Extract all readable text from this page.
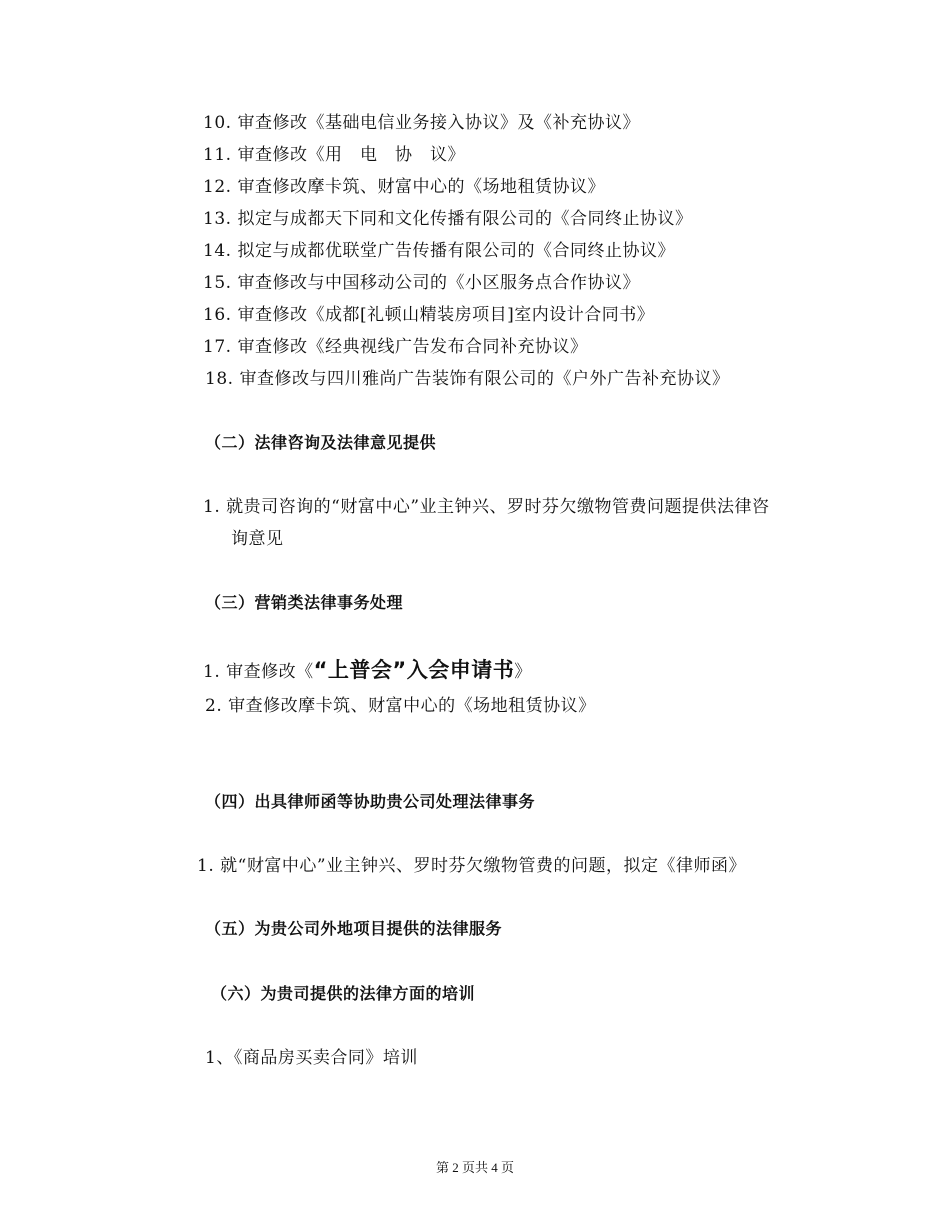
10. 审查修改《基础电信业务接入协议》及《补充协议》
11. 审查修改《用　电　协　议》
12. 审查修改摩卡筑、财富中心的《场地租赁协议》
13. 拟定与成都天下同和文化传播有限公司的《合同终止协议》
14. 拟定与成都优联堂广告传播有限公司的《合同终止协议》
15. 审查修改与中国移动公司的《小区服务点合作协议》
16. 审查修改《成都[礼顿山精装房项目]室内设计合同书》
17. 审查修改《经典视线广告发布合同补充协议》
18. 审查修改与四川雅尚广告装饰有限公司的《户外广告补充协议》
（二）法律咨询及法律意见提供
1. 就贵司咨询的“财富中心”业主钟兴、罗时芬欠缴物管费问题提供法律咨
询意见
（三）营销类法律事务处理
1. 审查修改《“上普会”入会申请书》
2. 审查修改摩卡筑、财富中心的《场地租赁协议》
（四）出具律师函等协助贵公司处理法律事务
1. 就“财富中心”业主钟兴、罗时芬欠缴物管费的问题，拟定《律师函》
（五）为贵公司外地项目提供的法律服务
（六）为贵司提供的法律方面的培训
1、《商品房买卖合同》培训
第 2 页共 4 页
